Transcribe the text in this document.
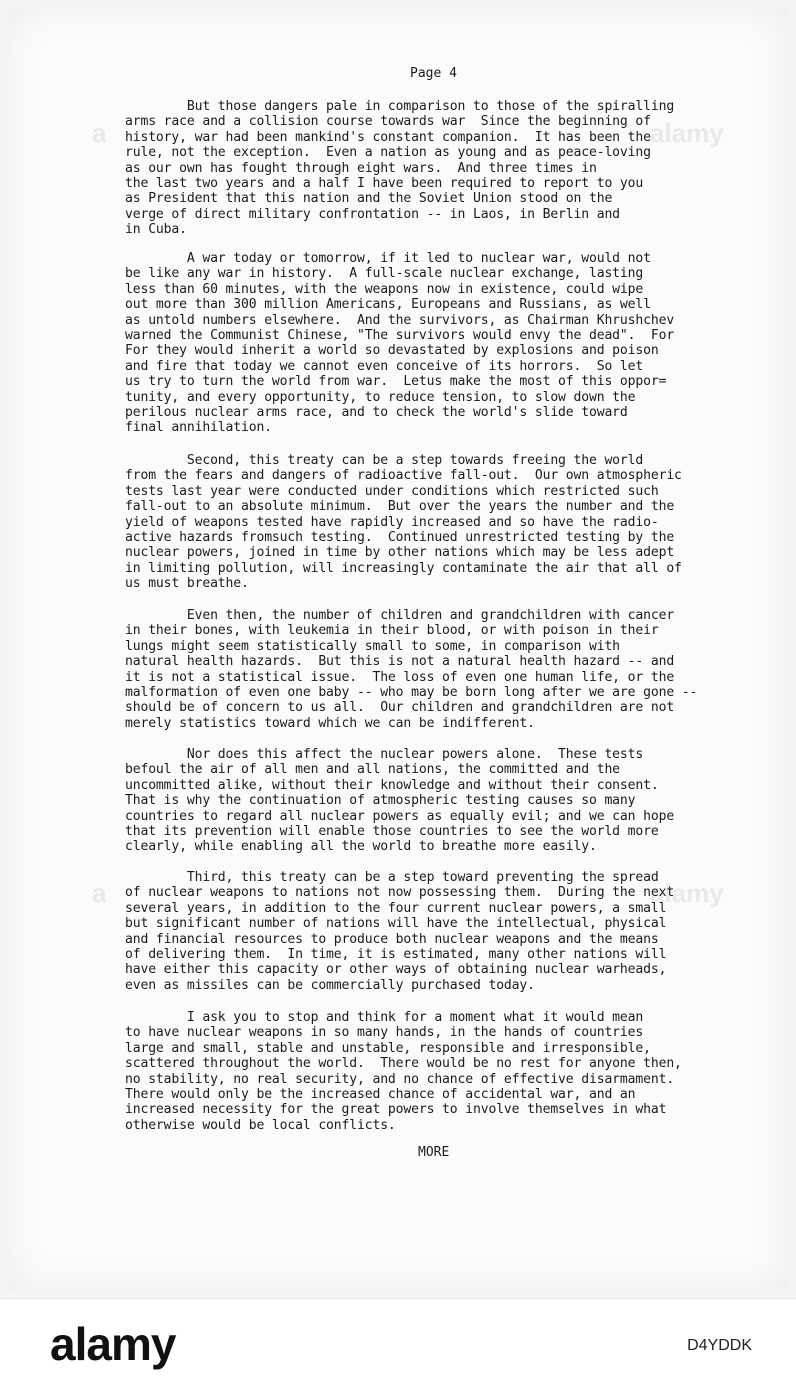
a	alamy
a	alamy
Page 4

But those dangers pale in comparison to those of the spiralling
arms race and a collision course towards war  Since the beginning of
history, war had been mankind's constant companion.  It has been the
rule, not the exception.  Even a nation as young and as peace-loving
as our own has fought through eight wars.  And three times in
the last two years and a half I have been required to report to you
as President that this nation and the Soviet Union stood on the
verge of direct military confrontation -- in Laos, in Berlin and
in Cuba.

A war today or tomorrow, if it led to nuclear war, would not
be like any war in history.  A full-scale nuclear exchange, lasting
less than 60 minutes, with the weapons now in existence, could wipe
out more than 300 million Americans, Europeans and Russians, as well
as untold numbers elsewhere.  And the survivors, as Chairman Khrushchev
warned the Communist Chinese, "The survivors would envy the dead".  For
For they would inherit a world so devastated by explosions and poison
and fire that today we cannot even conceive of its horrors.  So let
us try to turn the world from war.  Letus make the most of this oppor=
tunity, and every opportunity, to reduce tension, to slow down the
perilous nuclear arms race, and to check the world's slide toward
final annihilation.

Second, this treaty can be a step towards freeing the world
from the fears and dangers of radioactive fall-out.  Our own atmospheric
tests last year were conducted under conditions which restricted such
fall-out to an absolute minimum.  But over the years the number and the
yield of weapons tested have rapidly increased and so have the radio-
active hazards fromsuch testing.  Continued unrestricted testing by the
nuclear powers, joined in time by other nations which may be less adept
in limiting pollution, will increasingly contaminate the air that all of
us must breathe.

Even then, the number of children and grandchildren with cancer
in their bones, with leukemia in their blood, or with poison in their
lungs might seem statistically small to some, in comparison with
natural health hazards.  But this is not a natural health hazard -- and
it is not a statistical issue.  The loss of even one human life, or the
malformation of even one baby -- who may be born long after we are gone --
should be of concern to us all.  Our children and grandchildren are not
merely statistics toward which we can be indifferent.

Nor does this affect the nuclear powers alone.  These tests
befoul the air of all men and all nations, the committed and the
uncommitted alike, without their knowledge and without their consent.
That is why the continuation of atmospheric testing causes so many
countries to regard all nuclear powers as equally evil; and we can hope
that its prevention will enable those countries to see the world more
clearly, while enabling all the world to breathe more easily.

Third, this treaty can be a step toward preventing the spread
of nuclear weapons to nations not now possessing them.  During the next
several years, in addition to the four current nuclear powers, a small
but significant number of nations will have the intellectual, physical
and financial resources to produce both nuclear weapons and the means
of delivering them.  In time, it is estimated, many other nations will
have either this capacity or other ways of obtaining nuclear warheads,
even as missiles can be commercially purchased today.

I ask you to stop and think for a moment what it would mean
to have nuclear weapons in so many hands, in the hands of countries
large and small, stable and unstable, responsible and irresponsible,
scattered throughout the world.  There would be no rest for anyone then,
no stability, no real security, and no chance of effective disarmament.
There would only be the increased chance of accidental war, and an
increased necessity for the great powers to involve themselves in what
otherwise would be local conflicts.

MORE
alamy	D4YDDK
